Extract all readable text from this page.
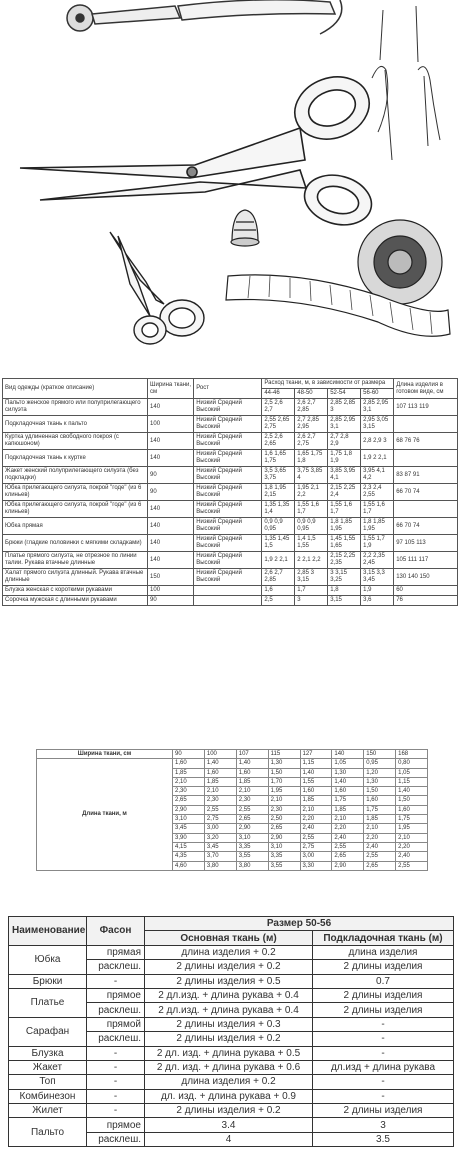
Вид одежды (краткое описание)	Ширина ткани, см	Рост	Расход ткани, м, в зависимости от размера				Длина изделия в готовом виде, см
			44-46	48-50	52-54	56-60	
Пальто женское прямого или полуприлегающего силуэта	140	Низкий Средний Высокий	2,5 2,6 2,7	2,6 2,7 2,85	2,85 2,85 3	2,85 2,95 3,1	107 113 119
Подкладочная ткань к пальто	100	Низкий Средний Высокий	2,55 2,65 2,75	2,7 2,85 2,95	2,85 2,95 3,1	2,95 3,05 3,15	
Куртка удлиненная свободного покроя (с капюшоном)	140	Низкий Средний Высокий	2,5 2,6 2,65	2,6 2,7 2,75	2,7 2,8 2,9	2,8 2,9 3	68 76 76
Подкладочная ткань к куртке	140	Низкий Средний Высокий	1,6 1,65 1,75	1,65 1,75 1,8	1,75 1,8 1,9	1,9 2 2,1	
Жакет женский полуприлегающего силуэта (без подкладки)	90	Низкий Средний Высокий	3,5 3,65 3,75	3,75 3,85 4	3,85 3,95 4,1	3,95 4,1 4,2	83 87 91
Юбка прилегающего силуэта, покрой "годе" (из 6 клиньев)	90	Низкий Средний Высокий	1,8 1,95 2,15	1,95 2,1 2,2	2,15 2,25 2,4	2,3 2,4 2,55	66 70 74
Юбка прилегающего силуэта, покрой "годе" (из 6 клиньев)	140	Низкий Средний Высокий	1,35 1,35 1,4	1,55 1,6 1,7	1,55 1,6 1,7	1,55 1,6 1,7	
Юбка прямая	140	Низкий Средний Высокий	0,9 0,9 0,95	0,9 0,9 0,95	1,8 1,85 1,95	1,8 1,85 1,95	66 70 74
Брюки (гладкие половинки с мягкими складками)	140	Низкий Средний Высокий	1,35 1,45 1,5	1,4 1,5 1,55	1,45 1,55 1,65	1,55 1,7 1,9	97 105 113
Платье прямого силуэта, не отрезное по линии талии. Рукава втачные длинные	140	Низкий Средний Высокий	1,9 2 2,1	2 2,1 2,2	2,15 2,25 2,35	2,2 2,35 2,45	105 111 117
Халат прямого силуэта длинный. Рукава втачные длинные	150	Низкий Средний Высокий	2,6 2,7 2,85	2,85 3 3,15	3 3,15 3,25	3,15 3,3 3,45	130 140 150
Блузка женская с короткими рукавами	100		1,6	1,7	1,8	1,9	60
Сорочка мужская с длинными рукавами	90		2,5	3	3,15	3,6	76
Ширина ткани, см	90	100	107	115	127	140	150	168
Длина ткани, м	1,60	1,40	1,40	1,30	1,15	1,05	0,95	0,80
	1,85	1,60	1,60	1,50	1,40	1,30	1,20	1,05
	2,10	1,85	1,85	1,70	1,55	1,40	1,30	1,15
	2,30	2,10	2,10	1,95	1,60	1,60	1,50	1,40
	2,65	2,30	2,30	2,10	1,85	1,75	1,60	1,50
	2,90	2,55	2,55	2,30	2,10	1,85	1,75	1,60
	3,10	2,75	2,65	2,50	2,20	2,10	1,85	1,75
	3,45	3,00	2,90	2,65	2,40	2,20	2,10	1,95
	3,90	3,20	3,10	2,90	2,55	2,40	2,20	2,10
	4,15	3,45	3,35	3,10	2,75	2,55	2,40	2,20
	4,35	3,70	3,55	3,35	3,00	2,65	2,55	2,40
	4,60	3,80	3,80	3,55	3,30	2,90	2,65	2,55
Наименование	Фасон	Размер 50-56	
		Основная ткань (м)	Подкладочная ткань (м)
Юбка	прямая	длина изделия + 0.2	длина изделия
	расклеш.	2 длины изделия + 0.2	2 длины изделия
Брюки	-	2 длины изделия + 0.5	0.7
Платье	прямое	2 дл.изд. + длина рукава + 0.4	2 длины изделия
	расклеш.	2 дл.изд. + длина рукава + 0.4	2 длины изделия
Сарафан	прямой	2 длины изделия + 0.3	-
	расклеш.	2 длины изделия + 0.2	-
Блузка	-	2 дл. изд. + длина рукава + 0.5	-
Жакет	-	2 дл. изд. + длина рукава + 0.6	дл.изд + длина рукава
Топ	-	длина изделия + 0.2	-
Комбинезон	-	дл. изд. + длина рукава + 0.9	-
Жилет	-	2 длины изделия + 0.2	2 длины изделия
Пальто	прямое	3.4	3
	расклеш.	4	3.5
